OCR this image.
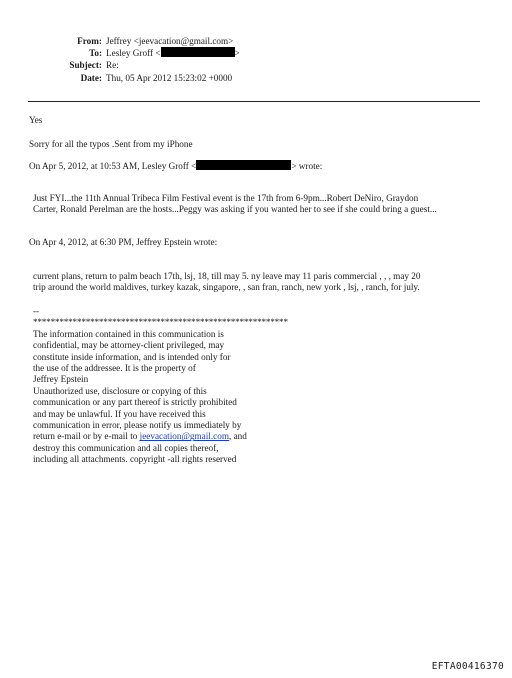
From: Jeffrey <jeevacation@gmail.com>
To: Lesley Groff <	>
Subject: Re:
Date: Thu, 05 Apr 2012 15:23:02 +0000
Yes
Sorry for all the typos .Sent from my iPhone
On Apr 5, 2012, at 10:53 AM, Lesley Groff <	> wrote:
Just FYI...the 11th Annual Tribeca Film Festival event is the 17th from 6-9pm...Robert DeNiro, Graydon
Carter, Ronald Perelman are the hosts...Peggy was asking if you wanted her to see if she could bring a guest...
On Apr 4, 2012, at 6:30 PM, Jeffrey Epstein wrote:
current plans, return to palm beach 17th, lsj, 18, till may 5. ny leave may 11 paris commercial , , , may 20
trip around the world maldives, turkey kazak, singapore, , san fran, ranch, new york , lsj, , ranch, for july.
--
**********************************************************
The information contained in this communication is
confidential, may be attorney-client privileged, may
constitute inside information, and is intended only for
the use of the addressee. It is the property of
Jeffrey Epstein
Unauthorized use, disclosure or copying of this
communication or any part thereof is strictly prohibited
and may be unlawful. If you have received this
communication in error, please notify us immediately by
return e-mail or by e-mail to jeevacation@gmail.com, and
destroy this communication and all copies thereof,
including all attachments. copyright -all rights reserved
EFTA00416370
